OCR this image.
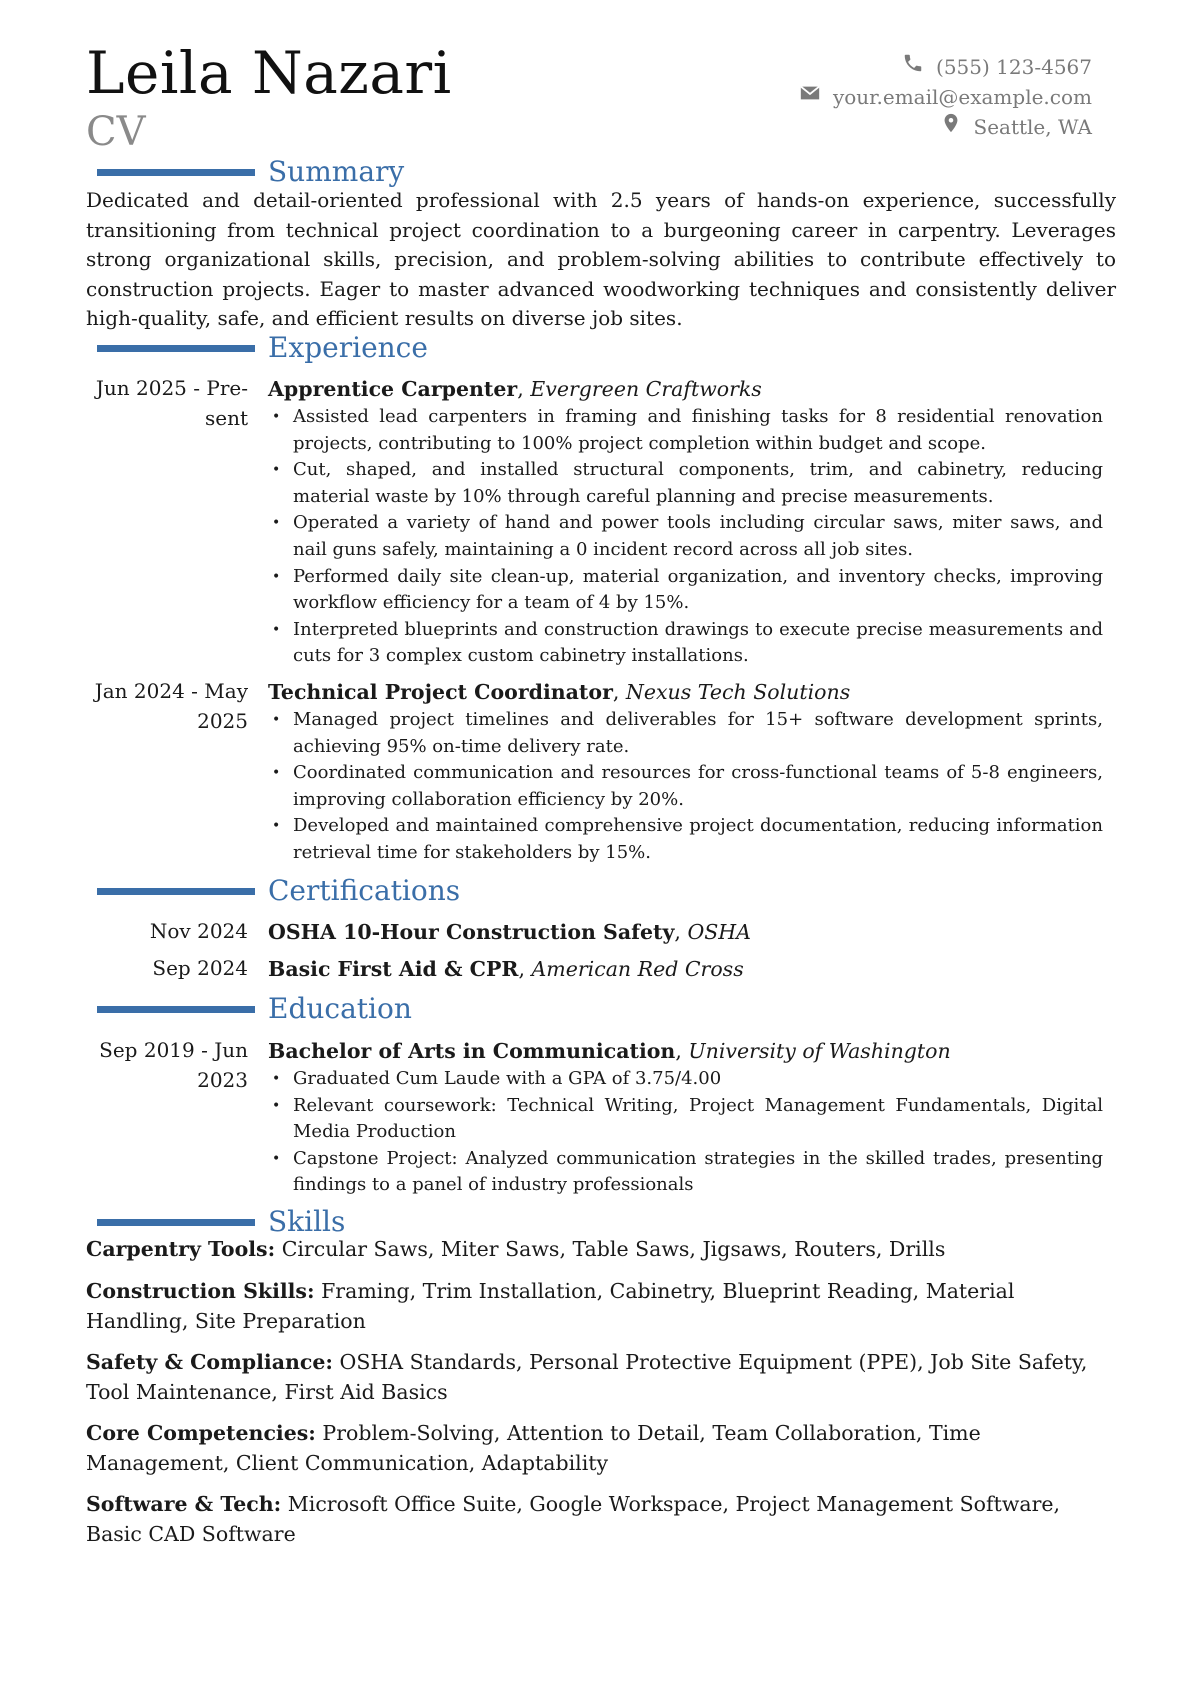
Leila Nazari
CV
(555) 123-4567
your.email@example.com
Seattle, WA
Summary
Dedicated and detail-oriented professional with 2.5 years of hands-on experience, successfully transitioning from technical project coordination to a burgeoning career in carpentry. Leverages strong organizational skills, precision, and problem-solving abilities to contribute effectively to construction projects. Eager to master advanced woodworking techniques and consistently deliver high-quality, safe, and efficient results on diverse job sites.
Experience
Jun 2025 - Pre-
sent
Apprentice Carpenter, Evergreen Craftworks
• Assisted lead carpenters in framing and finishing tasks for 8 residential renovation projects, contributing to 100% project completion within budget and scope.
• Cut, shaped, and installed structural components, trim, and cabinetry, reducing material waste by 10% through careful planning and precise measurements.
• Operated a variety of hand and power tools including circular saws, miter saws, and nail guns safely, maintaining a 0 incident record across all job sites.
• Performed daily site clean-up, material organization, and inventory checks, improving workflow efficiency for a team of 4 by 15%.
• Interpreted blueprints and construction drawings to execute precise measurements and cuts for 3 complex custom cabinetry installations.
Jan 2024 - May
2025
Technical Project Coordinator, Nexus Tech Solutions
• Managed project timelines and deliverables for 15+ software development sprints, achieving 95% on-time delivery rate.
• Coordinated communication and resources for cross-functional teams of 5-8 engineers, improving collaboration efficiency by 20%.
• Developed and maintained comprehensive project documentation, reducing information retrieval time for stakeholders by 15%.
Certifications
Nov 2024 OSHA 10-Hour Construction Safety, OSHA
Sep 2024 Basic First Aid & CPR, American Red Cross
Education
Sep 2019 - Jun
2023
Bachelor of Arts in Communication, University of Washington
• Graduated Cum Laude with a GPA of 3.75/4.00
• Relevant coursework: Technical Writing, Project Management Fundamentals, Digital Media Production
• Capstone Project: Analyzed communication strategies in the skilled trades, presenting findings to a panel of industry professionals
Skills
Carpentry Tools: Circular Saws, Miter Saws, Table Saws, Jigsaws, Routers, Drills
Construction Skills: Framing, Trim Installation, Cabinetry, Blueprint Reading, Material Handling, Site Preparation
Safety & Compliance: OSHA Standards, Personal Protective Equipment (PPE), Job Site Safety, Tool Maintenance, First Aid Basics
Core Competencies: Problem-Solving, Attention to Detail, Team Collaboration, Time Management, Client Communication, Adaptability
Software & Tech: Microsoft Office Suite, Google Workspace, Project Management Software, Basic CAD Software
